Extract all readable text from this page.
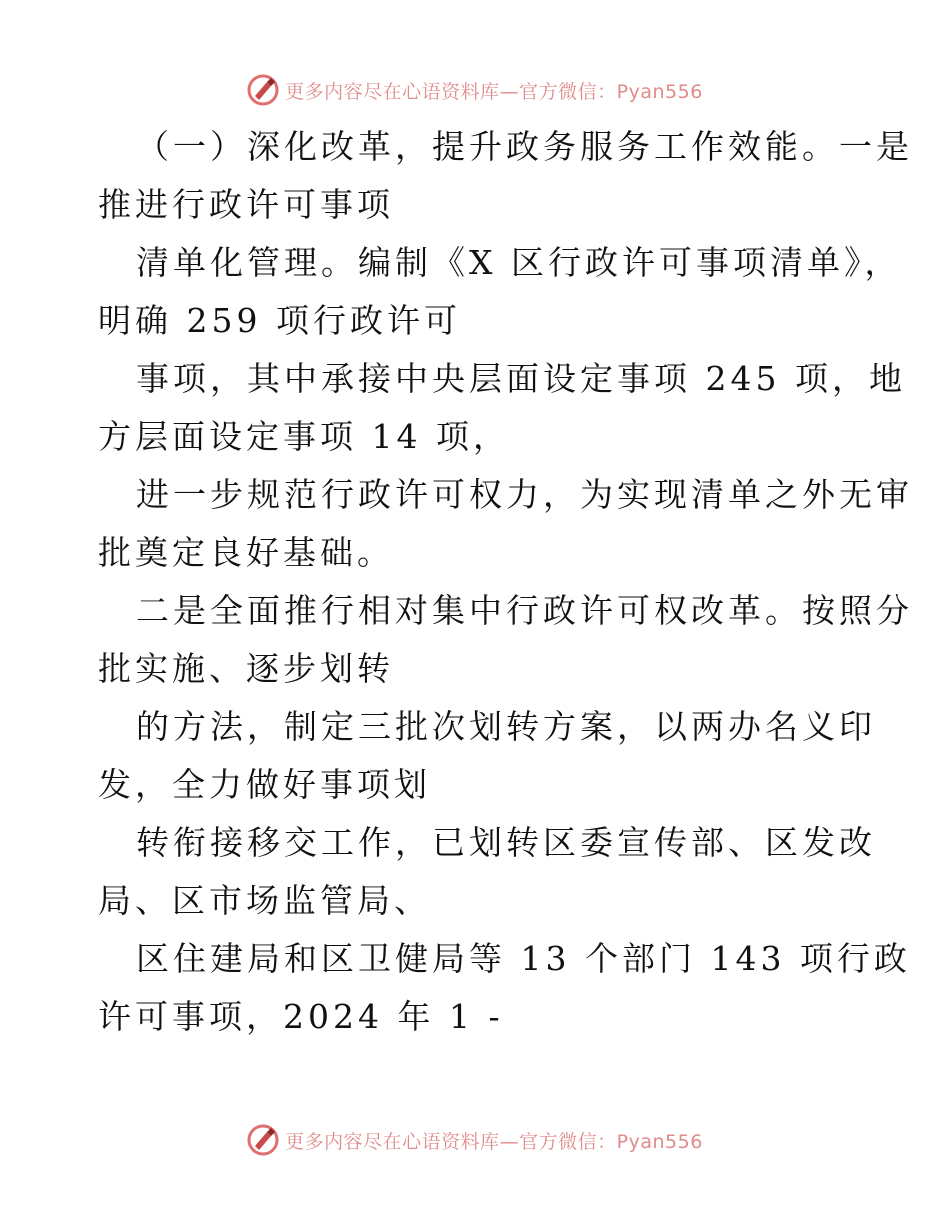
更多内容尽在心语资料库—官方微信：Pyan556
（一）深化改革，提升政务服务工作效能。一是
推进行政许可事项
清单化管理。编制《X 区行政许可事项清单》，
明确 259 项行政许可
事项，其中承接中央层面设定事项 245 项，地
方层面设定事项 14 项，
进一步规范行政许可权力，为实现清单之外无审
批奠定良好基础。
二是全面推行相对集中行政许可权改革。按照分
批实施、逐步划转
的方法，制定三批次划转方案，以两办名义印
发，全力做好事项划
转衔接移交工作，已划转区委宣传部、区发改
局、区市场监管局、
区住建局和区卫健局等 13 个部门 143 项行政
许可事项，2024 年 1 -
更多内容尽在心语资料库—官方微信：Pyan556
